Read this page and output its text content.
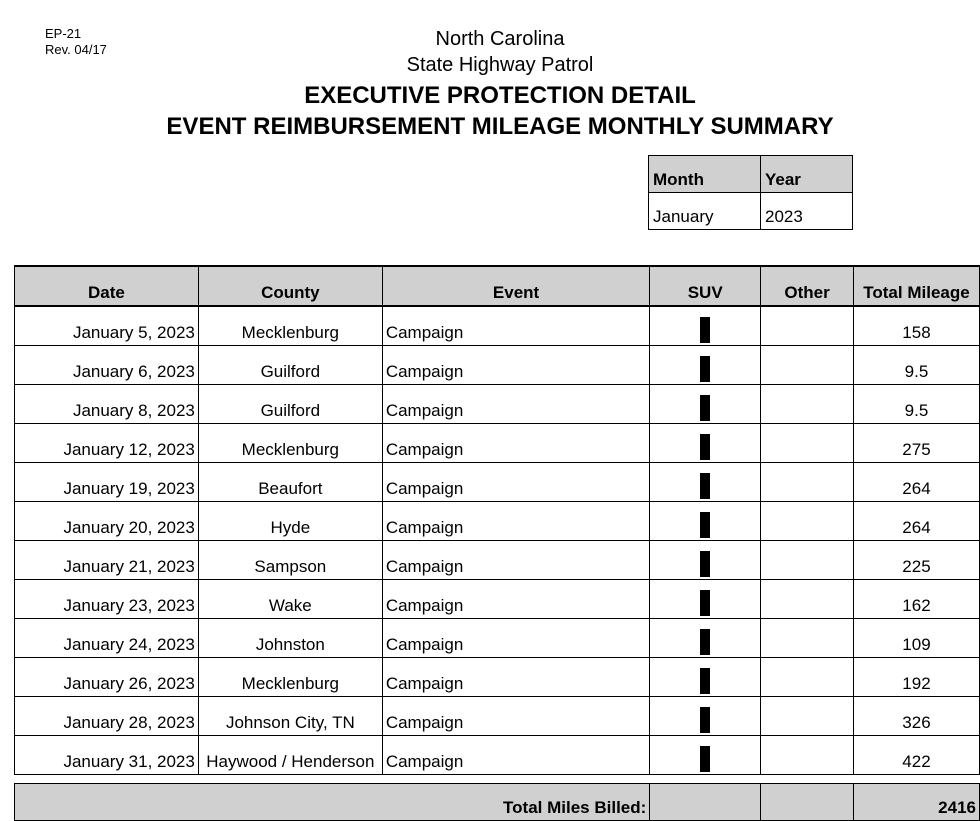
EP-21
Rev. 04/17	North Carolina
State Highway Patrol
EXECUTIVE PROTECTION DETAIL
EVENT REIMBURSEMENT MILEAGE MONTHLY SUMMARY
Month	Year
January	2023
Date	County	Event	SUV	Other	Total Mileage
January 5, 2023	Mecklenburg	Campaign			158
January 6, 2023	Guilford	Campaign			9.5
January 8, 2023	Guilford	Campaign			9.5
January 12, 2023	Mecklenburg	Campaign			275
January 19, 2023	Beaufort	Campaign			264
January 20, 2023	Hyde	Campaign			264
January 21, 2023	Sampson	Campaign			225
January 23, 2023	Wake	Campaign			162
January 24, 2023	Johnston	Campaign			109
January 26, 2023	Mecklenburg	Campaign			192
January 28, 2023	Johnson City, TN	Campaign			326
January 31, 2023	Haywood / Henderson	Campaign			422

Total Miles Billed:					2416
